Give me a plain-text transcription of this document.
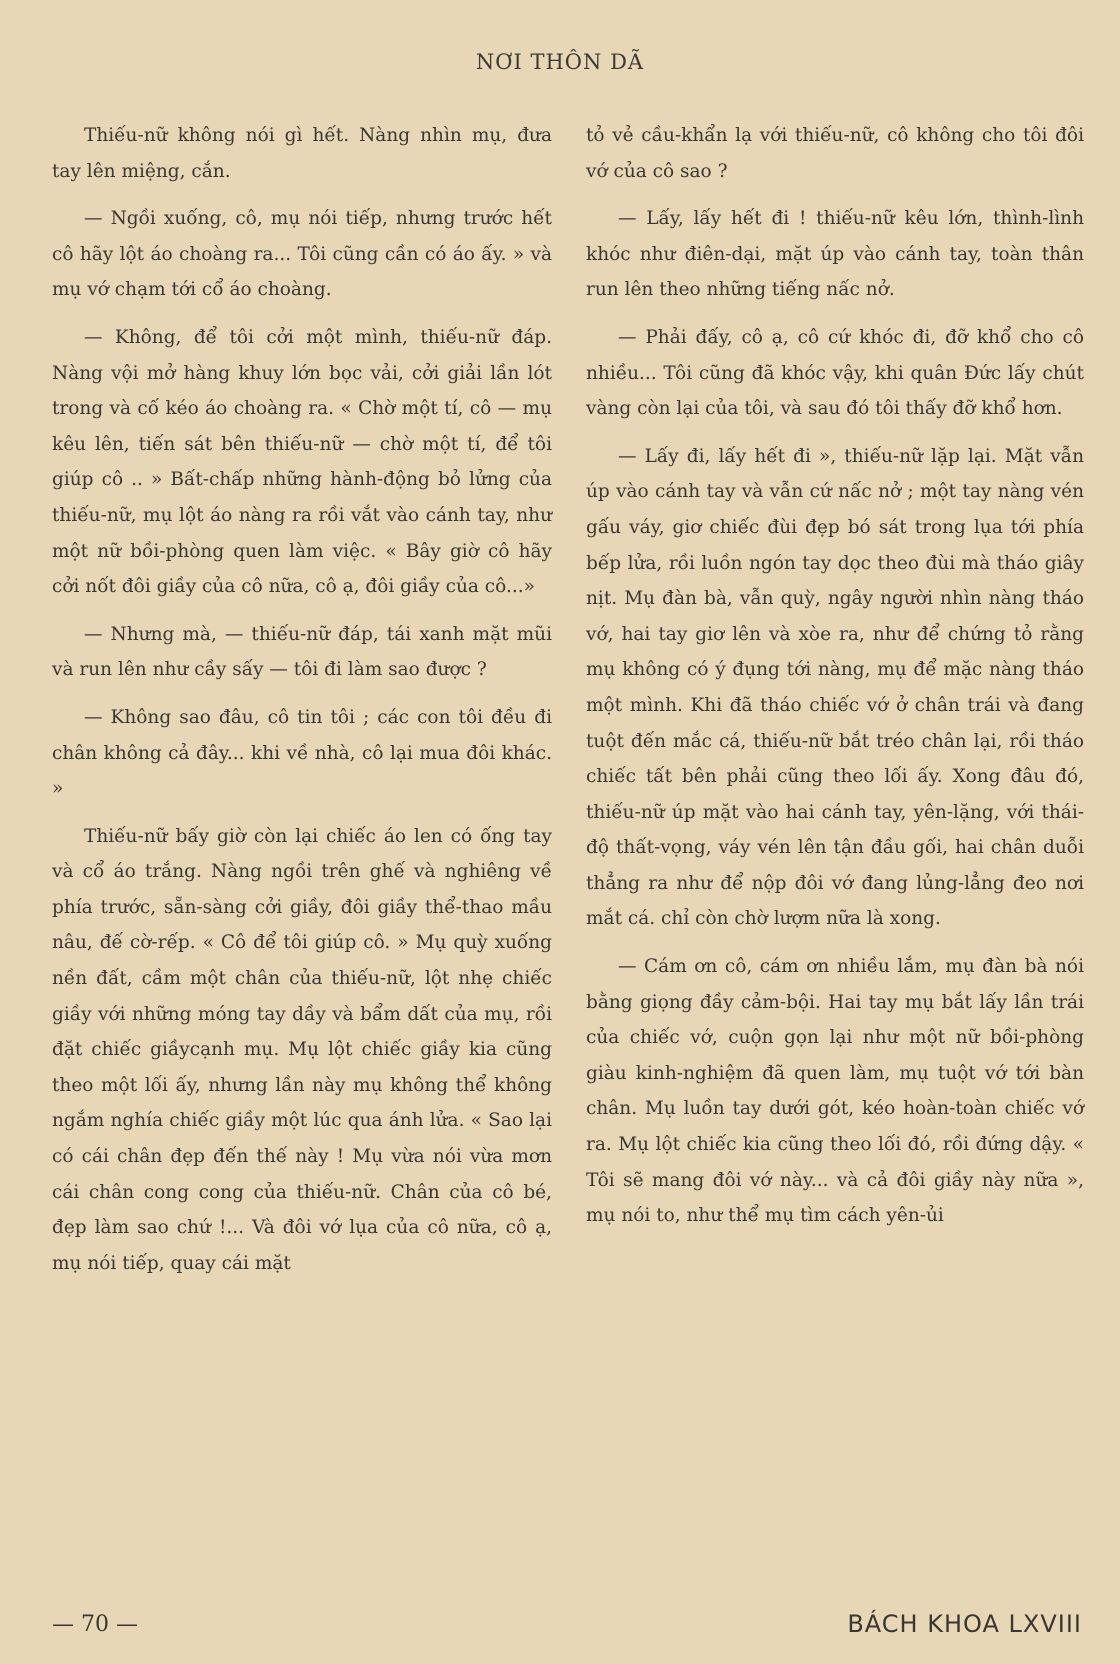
NƠI THÔN DÃ

Thiếu-nữ không nói gì hết. Nàng nhìn mụ, đưa tay lên miệng, cắn.

— Ngồi xuống, cô, mụ nói tiếp, nhưng trước hết cô hãy lột áo choàng ra... Tôi cũng cần có áo ấy. » và mụ vớ chạm tới cổ áo choàng.

— Không, để tôi cởi một mình, thiếu-nữ đáp. Nàng vội mở hàng khuy lớn bọc vải, cởi giải lần lót trong và cố kéo áo choàng ra. « Chờ một tí, cô — mụ kêu lên, tiến sát bên thiếu-nữ — chờ một tí, để tôi giúp cô .. » Bất-chấp những hành-động bỏ lửng của thiếu-nữ, mụ lột áo nàng ra rồi vắt vào cánh tay, như một nữ bồi-phòng quen làm việc. « Bây giờ cô hãy cởi nốt đôi giầy của cô nữa, cô ạ, đôi giầy của cô...»

— Nhưng mà, — thiếu-nữ đáp, tái xanh mặt mũi và run lên như cầy sấy — tôi đi làm sao được ?

— Không sao đâu, cô tin tôi ; các con tôi đều đi chân không cả đây... khi về nhà, cô lại mua đôi khác. »

Thiếu-nữ bấy giờ còn lại chiếc áo len có ống tay và cổ áo trắng. Nàng ngồi trên ghế và nghiêng về phía trước, sẵn-sàng cởi giầy, đôi giầy thể-thao mầu nâu, đế cờ-rếp. « Cô để tôi giúp cô. » Mụ quỳ xuống nền đất, cầm một chân của thiếu-nữ, lột nhẹ chiếc giầy với những móng tay dầy và bẩm dất của mụ, rồi đặt chiếc giầycạnh mụ. Mụ lột chiếc giầy kia cũng theo một lối ấy, nhưng lần này mụ không thể không ngắm nghía chiếc giầy một lúc qua ánh lửa. « Sao lại có cái chân đẹp đến thế này ! Mụ vừa nói vừa mơn cái chân cong cong của thiếu-nữ. Chân của cô bé, đẹp làm sao chứ !... Và đôi vớ lụa của cô nữa, cô ạ, mụ nói tiếp, quay cái mặt

tỏ vẻ cầu-khẩn lạ với thiếu-nữ, cô không cho tôi đôi vớ của cô sao ?

— Lấy, lấy hết đi ! thiếu-nữ kêu lớn, thình-lình khóc như điên-dại, mặt úp vào cánh tay, toàn thân run lên theo những tiếng nấc nở.

— Phải đấy, cô ạ, cô cứ khóc đi, đỡ khổ cho cô nhiều... Tôi cũng đã khóc vậy, khi quân Đức lấy chút vàng còn lại của tôi, và sau đó tôi thấy đỡ khổ hơn.

— Lấy đi, lấy hết đi », thiếu-nữ lặp lại. Mặt vẫn úp vào cánh tay và vẫn cứ nấc nở ; một tay nàng vén gấu váy, giơ chiếc đùi đẹp bó sát trong lụa tới phía bếp lửa, rồi luồn ngón tay dọc theo đùi mà tháo giây nịt. Mụ đàn bà, vẫn quỳ, ngây người nhìn nàng tháo vớ, hai tay giơ lên và xòe ra, như để chứng tỏ rằng mụ không có ý đụng tới nàng, mụ để mặc nàng tháo một mình. Khi đã tháo chiếc vớ ở chân trái và đang tuột đến mắc cá, thiếu-nữ bắt tréo chân lại, rồi tháo chiếc tất bên phải cũng theo lối ấy. Xong đâu đó, thiếu-nữ úp mặt vào hai cánh tay, yên-lặng, với thái-độ thất-vọng, váy vén lên tận đầu gối, hai chân duỗi thẳng ra như để nộp đôi vớ đang lủng-lẳng đeo nơi mắt cá. chỉ còn chờ lượm nữa là xong.

— Cám ơn cô, cám ơn nhiều lắm, mụ đàn bà nói bằng giọng đầy cảm-bội. Hai tay mụ bắt lấy lần trái của chiếc vớ, cuộn gọn lại như một nữ bồi-phòng giàu kinh-nghiệm đã quen làm, mụ tuột vớ tới bàn chân. Mụ luồn tay dưới gót, kéo hoàn-toàn chiếc vớ ra. Mụ lột chiếc kia cũng theo lối đó, rồi đứng dậy. « Tôi sẽ mang đôi vớ này... và cả đôi giầy này nữa », mụ nói to, như thể mụ tìm cách yên-ủi

— 70 —	BÁCH KHOA LXVIII
